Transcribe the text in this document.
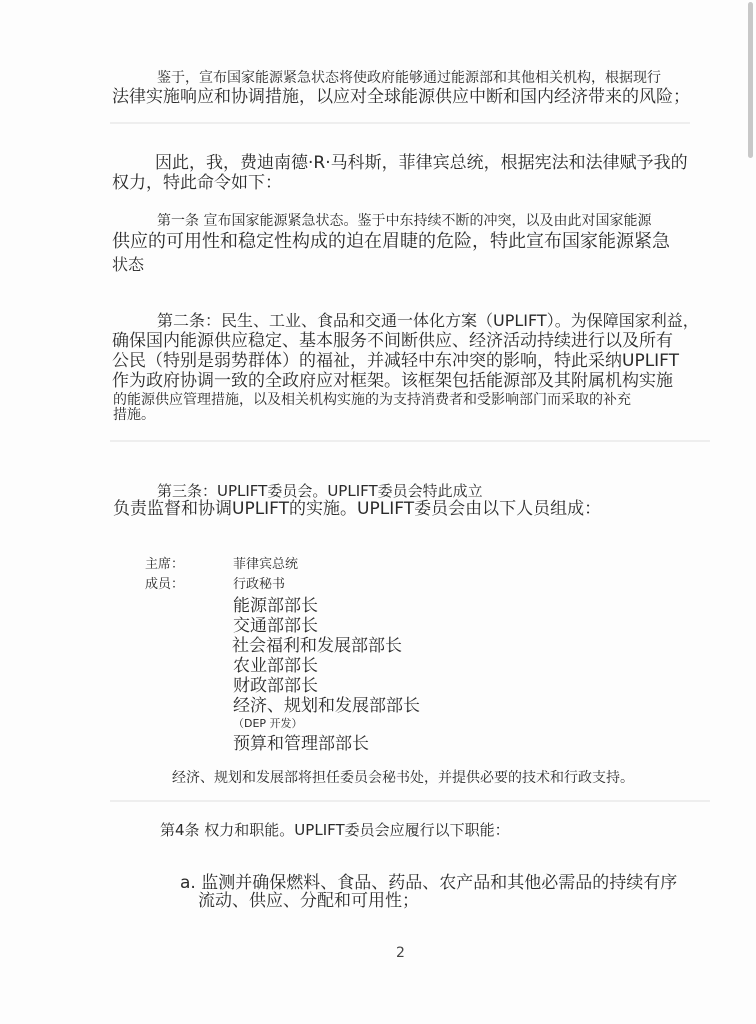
鉴于，宣布国家能源紧急状态将使政府能够通过能源部和其他相关机构，根据现行
法律实施响应和协调措施，以应对全球能源供应中断和国内经济带来的风险；
因此，我，费迪南德·R·马科斯，菲律宾总统，根据宪法和法律赋予我的
权力，特此命令如下：
第一条 宣布国家能源紧急状态。鉴于中东持续不断的冲突，以及由此对国家能源
供应的可用性和稳定性构成的迫在眉睫的危险，特此宣布国家能源紧急
状态
第二条：民生、工业、食品和交通一体化方案（UPLIFT）。为保障国家利益，
确保国内能源供应稳定、基本服务不间断供应、经济活动持续进行以及所有
公民（特别是弱势群体）的福祉，并减轻中东冲突的影响，特此采纳UPLIFT
作为政府协调一致的全政府应对框架。该框架包括能源部及其附属机构实施
的能源供应管理措施，以及相关机构实施的为支持消费者和受影响部门而采取的补充
措施。
第三条：UPLIFT委员会。UPLIFT委员会特此成立
负责监督和协调UPLIFT的实施。UPLIFT委员会由以下人员组成：
主席：	菲律宾总统
成员：	行政秘书
能源部部长
交通部部长
社会福利和发展部部长
农业部部长
财政部部长
经济、规划和发展部部长
（DEP 开发）
预算和管理部部长
经济、规划和发展部将担任委员会秘书处，并提供必要的技术和行政支持。
第4条 权力和职能。UPLIFT委员会应履行以下职能：
a. 监测并确保燃料、食品、药品、农产品和其他必需品的持续有序
流动、供应、分配和可用性；
2
